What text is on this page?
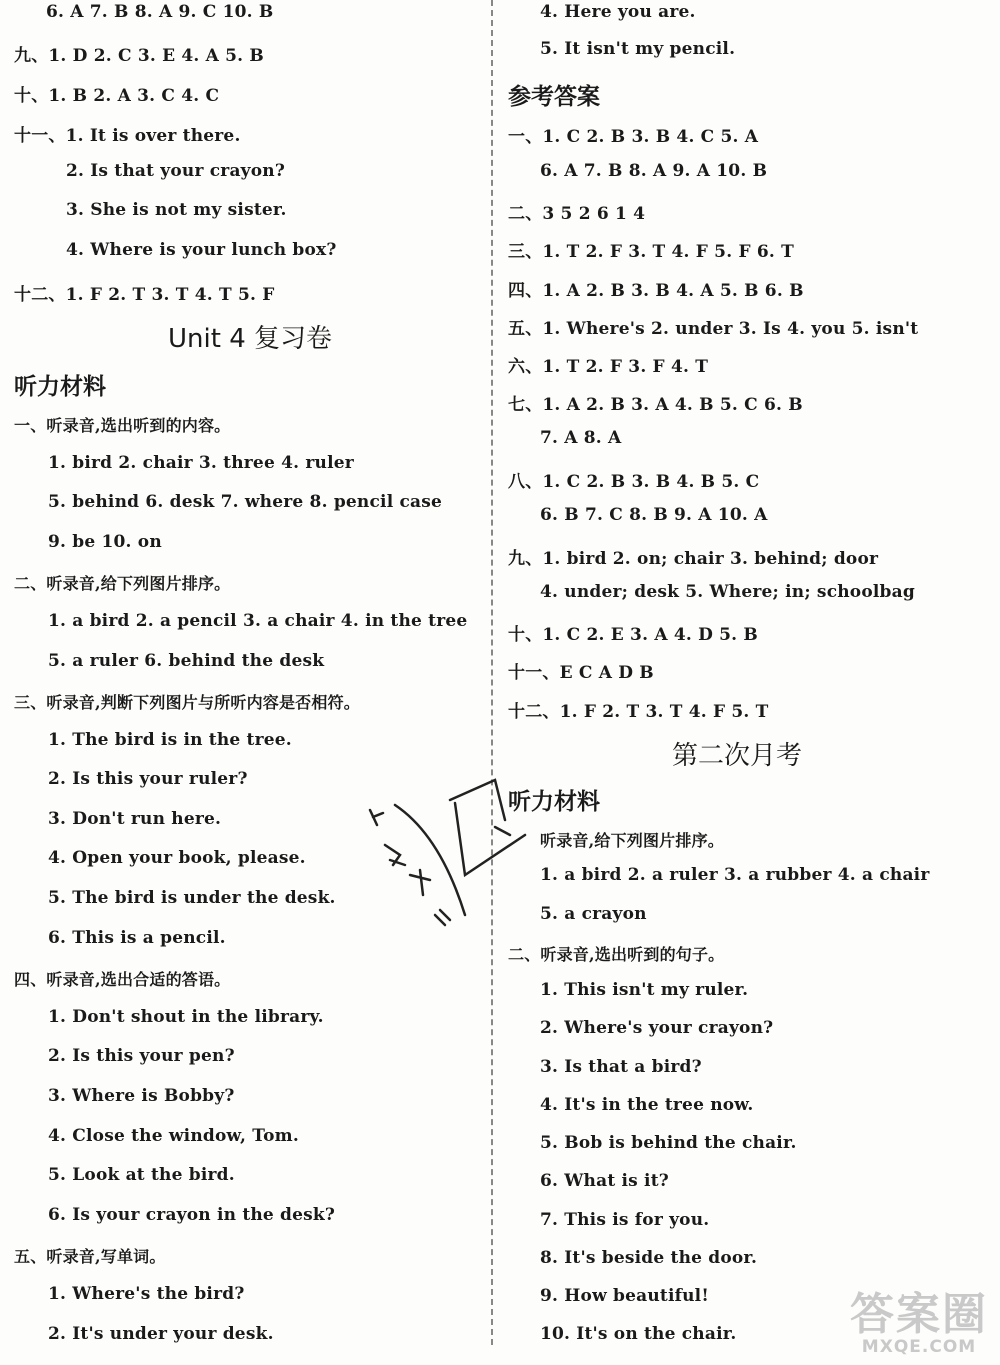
6. A 7. B 8. A 9. C 10. B
九、1. D 2. C 3. E 4. A 5. B
十、1. B 2. A 3. C 4. C
十一、1. It is over there.
2. Is that your crayon?
3. She is not my sister.
4. Where is your lunch box?
十二、1. F 2. T 3. T 4. T 5. F
Unit 4 复习卷
听力材料
一、听录音,选出听到的内容。
1. bird 2. chair 3. three 4. ruler
5. behind 6. desk 7. where 8. pencil case
9. be 10. on
二、听录音,给下列图片排序。
1. a bird 2. a pencil 3. a chair 4. in the tree
5. a ruler 6. behind the desk
三、听录音,判断下列图片与所听内容是否相符。
1. The bird is in the tree.
2. Is this your ruler?
3. Don't run here.
4. Open your book, please.
5. The bird is under the desk.
6. This is a pencil.
四、听录音,选出合适的答语。
1. Don't shout in the library.
2. Is this your pen?
3. Where is Bobby?
4. Close the window, Tom.
5. Look at the bird.
6. Is your crayon in the desk?
五、听录音,写单词。
1. Where's the bird?
2. It's under your desk.
4. Here you are.
5. It isn't my pencil.
参考答案
一、1. C 2. B 3. B 4. C 5. A
6. A 7. B 8. A 9. A 10. B
二、3 5 2 6 1 4
三、1. T 2. F 3. T 4. F 5. F 6. T
四、1. A 2. B 3. B 4. A 5. B 6. B
五、1. Where's 2. under 3. Is 4. you 5. isn't
六、1. T 2. F 3. F 4. T
七、1. A 2. B 3. A 4. B 5. C 6. B
7. A 8. A
八、1. C 2. B 3. B 4. B 5. C
6. B 7. C 8. B 9. A 10. A
九、1. bird 2. on; chair 3. behind; door
4. under; desk 5. Where; in; schoolbag
十、1. C 2. E 3. A 4. D 5. B
十一、E C A D B
十二、1. F 2. T 3. T 4. F 5. T
第二次月考
听力材料
听录音,给下列图片排序。
1. a bird 2. a ruler 3. a rubber 4. a chair
5. a crayon
二、听录音,选出听到的句子。
1. This isn't my ruler.
2. Where's your crayon?
3. Is that a bird?
4. It's in the tree now.
5. Bob is behind the chair.
6. What is it?
7. This is for you.
8. It's beside the door.
9. How beautiful!
10. It's on the chair.	答案圈
MXQE.COM
